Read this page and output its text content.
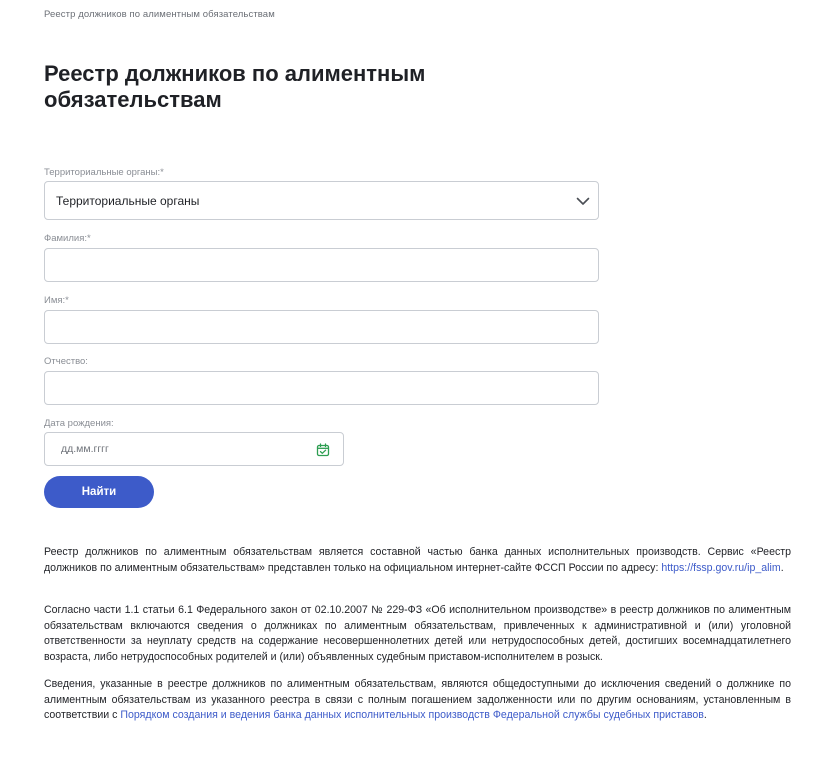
Реестр должников по алиментным обязательствам
Реестр должников по алиментным обязательствам
Территориальные органы:*
Территориальные органы
Фамилия:*
Имя:*
Отчество:
Дата рождения:
дд.мм.гггг
Найти

Реестр должников по алиментным обязательствам является составной частью банка данных исполнительных производств. Сервис «Реестр должников по алиментным обязательствам» представлен только на официальном интернет-сайте ФССП России по адресу: https://fssp.gov.ru/ip_alim.

Согласно части 1.1 статьи 6.1 Федерального закон от 02.10.2007 № 229-ФЗ «Об исполнительном производстве» в реестр должников по алиментным обязательствам включаются сведения о должниках по алиментным обязательствам, привлеченных к административной и (или) уголовной ответственности за неуплату средств на содержание несовершеннолетних детей или нетрудоспособных детей, достигших восемнадцатилетнего возраста, либо нетрудоспособных родителей и (или) объявленных судебным приставом-исполнителем в розыск.

Сведения, указанные в реестре должников по алиментным обязательствам, являются общедоступными до исключения сведений о должнике по алиментным обязательствам из указанного реестра в связи с полным погашением задолженности или по другим основаниям, установленным в соответствии с Порядком создания и ведения банка данных исполнительных производств Федеральной службы судебных приставов.
